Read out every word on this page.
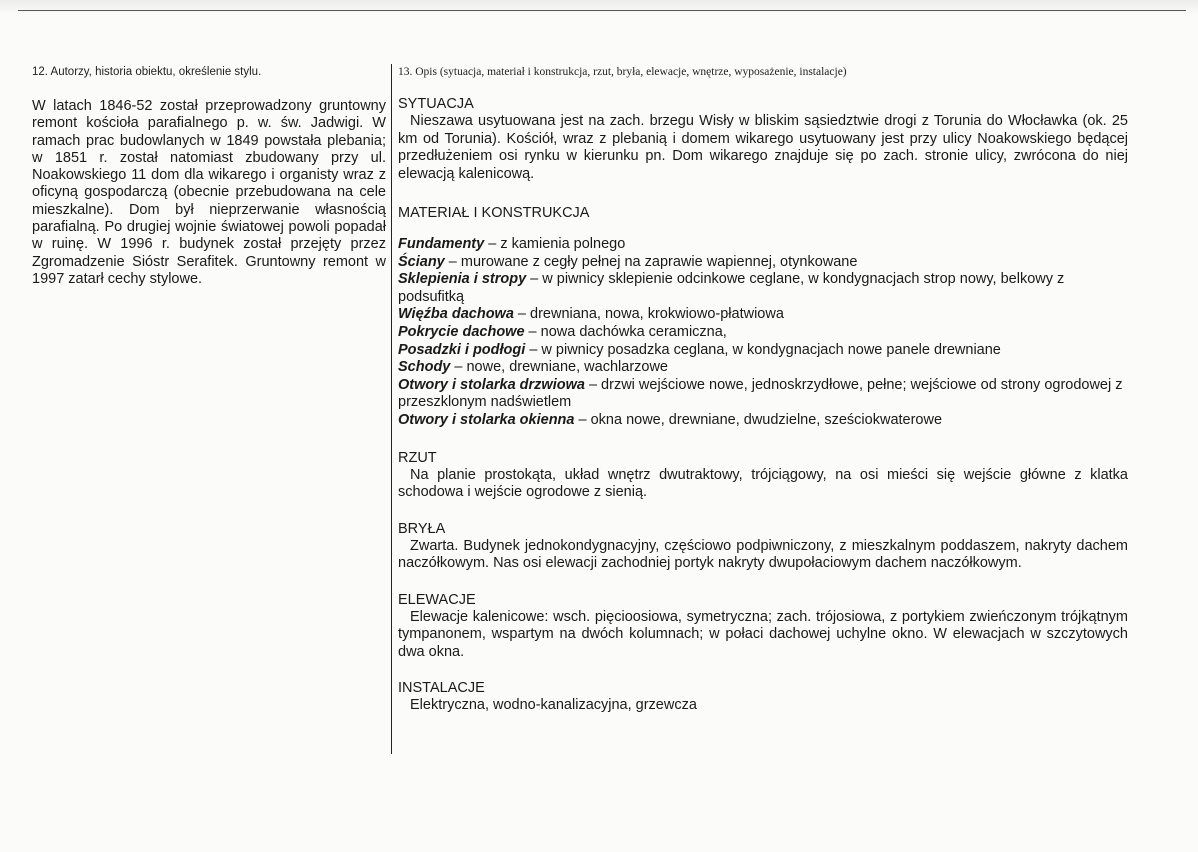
12. Autorzy, historia obiektu, określenie stylu.

W latach 1846-52 został przeprowadzony gruntowny remont kościoła parafialnego p. w. św. Jadwigi. W ramach prac budowlanych w 1849 powstała plebania; w 1851 r. został natomiast zbudowany przy ul. Noakowskiego 11 dom dla wikarego i organisty wraz z oficyną gospodarczą (obecnie przebudowana na cele mieszkalne). Dom był nieprzerwanie własnością parafialną. Po drugiej wojnie światowej powoli popadał w ruinę. W 1996 r. budynek został przejęty przez Zgromadzenie Sióstr Serafitek. Gruntowny remont w 1997 zatarł cechy stylowe.

13. Opis (sytuacja, materiał i konstrukcja, rzut, bryła, elewacje, wnętrze, wyposażenie, instalacje)

SYTUACJA

Nieszawa usytuowana jest na zach. brzegu Wisły w bliskim sąsiedztwie drogi z Torunia do Włocławka (ok. 25 km od Torunia). Kościół, wraz z plebanią i domem wikarego usytuowany jest przy ulicy Noakowskiego będącej przedłużeniem osi rynku w kierunku pn. Dom wikarego znajduje się po zach. stronie ulicy, zwrócona do niej elewacją kalenicową.

MATERIAŁ I KONSTRUKCJA

Fundamenty – z kamienia polnego

Ściany – murowane z cegły pełnej na zaprawie wapiennej, otynkowane

Sklepienia i stropy – w piwnicy sklepienie odcinkowe ceglane, w kondygnacjach strop nowy, belkowy z podsufitką

Więźba dachowa – drewniana, nowa, krokwiowo-płatwiowa

Pokrycie dachowe – nowa dachówka ceramiczna,

Posadzki i podłogi – w piwnicy posadzka ceglana, w kondygnacjach nowe panele drewniane

Schody – nowe, drewniane, wachlarzowe

Otwory i stolarka drzwiowa – drzwi wejściowe nowe, jednoskrzydłowe, pełne; wejściowe od strony ogrodowej z przeszklonym nadświetlem

Otwory i stolarka okienna – okna nowe, drewniane, dwudzielne, sześciokwaterowe

RZUT

Na planie prostokąta, układ wnętrz dwutraktowy, trójciągowy, na osi mieści się wejście główne z klatka schodowa i wejście ogrodowe z sienią.

BRYŁA

Zwarta. Budynek jednokondygnacyjny, częściowo podpiwniczony, z mieszkalnym poddaszem, nakryty dachem naczółkowym. Nas osi elewacji zachodniej portyk nakryty dwupołaciowym dachem naczółkowym.

ELEWACJE

Elewacje kalenicowe: wsch. pięcioosiowa, symetryczna; zach. trójosiowa, z portykiem zwieńczonym trójkątnym tympanonem, wspartym na dwóch kolumnach; w połaci dachowej uchylne okno. W elewacjach w szczytowych dwa okna.

INSTALACJE

Elektryczna, wodno-kanalizacyjna, grzewcza
